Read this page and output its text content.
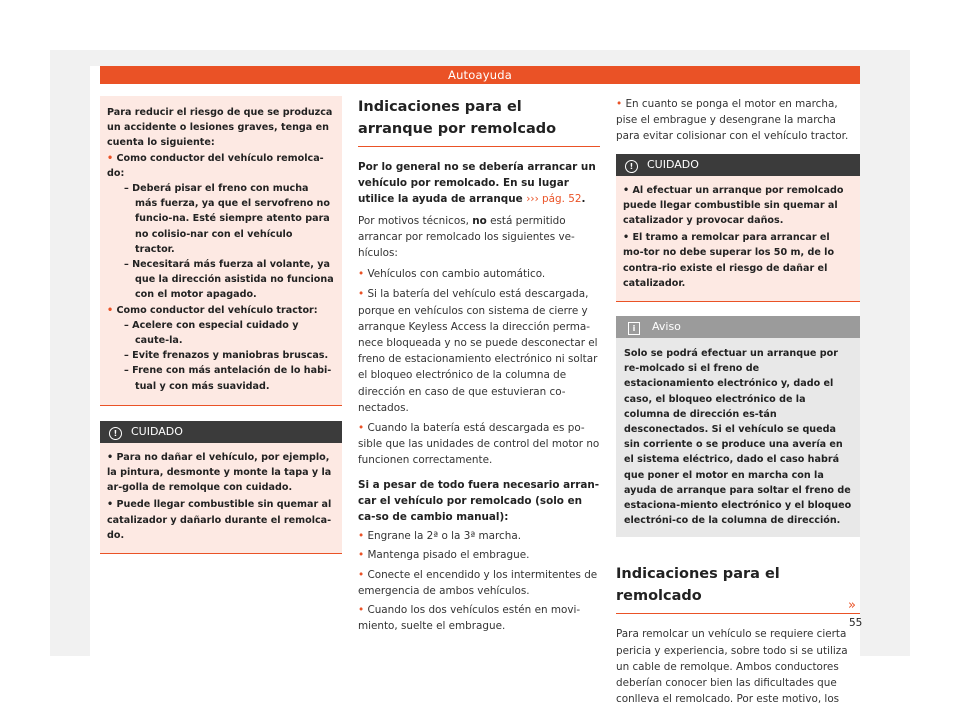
Autoayuda

Para reducir el riesgo de que se produzca un accidente o lesiones graves, tenga en cuenta lo siguiente:

• Como conductor del vehículo remolca-do:

– Deberá pisar el freno con mucha más fuerza, ya que el servofreno no funcio-na. Esté siempre atento para no colisio-nar con el vehículo tractor.

– Necesitará más fuerza al volante, ya que la dirección asistida no funciona con el motor apagado.

• Como conductor del vehículo tractor:

– Acelere con especial cuidado y caute-la.

– Evite frenazos y maniobras bruscas.

– Frene con más antelación de lo habi-tual y con más suavidad.

! CUIDADO

• Para no dañar el vehículo, por ejemplo, la pintura, desmonte y monte la tapa y la ar-golla de remolque con cuidado.

• Puede llegar combustible sin quemar al catalizador y dañarlo durante el remolca-do.

Indicaciones para el arranque por remolcado

Por lo general no se debería arrancar un vehículo por remolcado. En su lugar utilice la ayuda de arranque ››› pág. 52.

Por motivos técnicos, no está permitido arrancar por remolcado los siguientes ve-hículos:

• Vehículos con cambio automático.

• Si la batería del vehículo está descargada, porque en vehículos con sistema de cierre y arranque Keyless Access la dirección perma-nece bloqueada y no se puede desconectar el freno de estacionamiento electrónico ni soltar el bloqueo electrónico de la columna de dirección en caso de que estuvieran co-nectados.

• Cuando la batería está descargada es po-sible que las unidades de control del motor no funcionen correctamente.

Si a pesar de todo fuera necesario arran-car el vehículo por remolcado (solo en ca-so de cambio manual):

• Engrane la 2ª o la 3ª marcha.

• Mantenga pisado el embrague.

• Conecte el encendido y los intermitentes de emergencia de ambos vehículos.

• Cuando los dos vehículos estén en movi-miento, suelte el embrague.

• En cuanto se ponga el motor en marcha, pise el embrague y desengrane la marcha para evitar colisionar con el vehículo tractor.

! CUIDADO

• Al efectuar un arranque por remolcado puede llegar combustible sin quemar al catalizador y provocar daños.

• El tramo a remolcar para arrancar el mo-tor no debe superar los 50 m, de lo contra-rio existe el riesgo de dañar el catalizador.

i Aviso
Solo se podrá efectuar un arranque por re-molcado si el freno de estacionamiento electrónico y, dado el caso, el bloqueo electrónico de la columna de dirección es-tán desconectados. Si el vehículo se queda sin corriente o se produce una avería en el sistema eléctrico, dado el caso habrá que poner el motor en marcha con la ayuda de arranque para soltar el freno de estaciona-miento electrónico y el bloqueo electróni-co de la columna de dirección.
Indicaciones para el remolcado

Para remolcar un vehículo se requiere cierta pericia y experiencia, sobre todo si se utiliza un cable de remolque. Ambos conductores deberían conocer bien las dificultades que conlleva el remolcado. Por este motivo, los

»
55
